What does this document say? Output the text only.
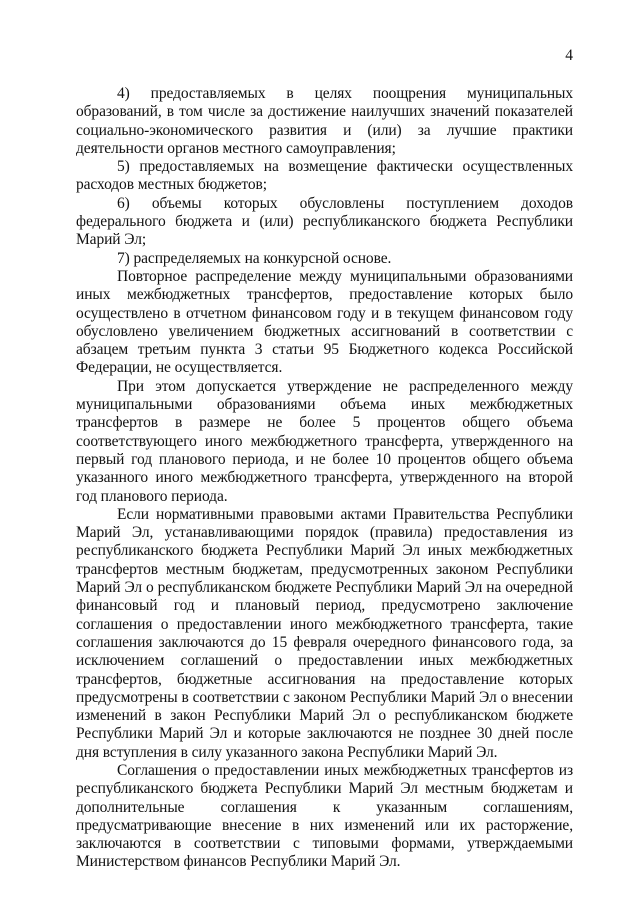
4

4) предоставляемых в целях поощрения муниципальных образований, в том числе за достижение наилучших значений показателей социально-экономического развития и (или) за лучшие практики деятельности органов местного самоуправления;

5) предоставляемых на возмещение фактически осуществленных расходов местных бюджетов;

6) объемы которых обусловлены поступлением доходов федерального бюджета и (или) республиканского бюджета Республики Марий Эл;

7) распределяемых на конкурсной основе.

Повторное распределение между муниципальными образованиями иных межбюджетных трансфертов, предоставление которых было осуществлено в отчетном финансовом году и в текущем финансовом году обусловлено увеличением бюджетных ассигнований в соответствии с абзацем третьим пункта 3 статьи 95 Бюджетного кодекса Российской Федерации, не осуществляется.

При этом допускается утверждение не распределенного между муниципальными образованиями объема иных межбюджетных трансфертов в размере не более 5 процентов общего объема соответствующего иного межбюджетного трансферта, утвержденного на первый год планового периода, и не более 10 процентов общего объема указанного иного межбюджетного трансферта, утвержденного на второй год планового периода.

Если нормативными правовыми актами Правительства Республики Марий Эл, устанавливающими порядок (правила) предоставления из республиканского бюджета Республики Марий Эл иных межбюджетных трансфертов местным бюджетам, предусмотренных законом Республики Марий Эл о республиканском бюджете Республики Марий Эл на очередной финансовый год и плановый период, предусмотрено заключение соглашения о предоставлении иного межбюджетного трансферта, такие соглашения заключаются до 15 февраля очередного финансового года, за исключением соглашений о предоставлении иных межбюджетных трансфертов, бюджетные ассигнования на предоставление которых предусмотрены в соответствии с законом Республики Марий Эл о внесении изменений в закон Республики Марий Эл о республиканском бюджете Республики Марий Эл и которые заключаются не позднее 30 дней после дня вступления в силу указанного закона Республики Марий Эл.

Соглашения о предоставлении иных межбюджетных трансфертов из республиканского бюджета Республики Марий Эл местным бюджетам и дополнительные соглашения к указанным соглашениям, предусматривающие внесение в них изменений или их расторжение, заключаются в соответствии с типовыми формами, утверждаемыми Министерством финансов Республики Марий Эл.
